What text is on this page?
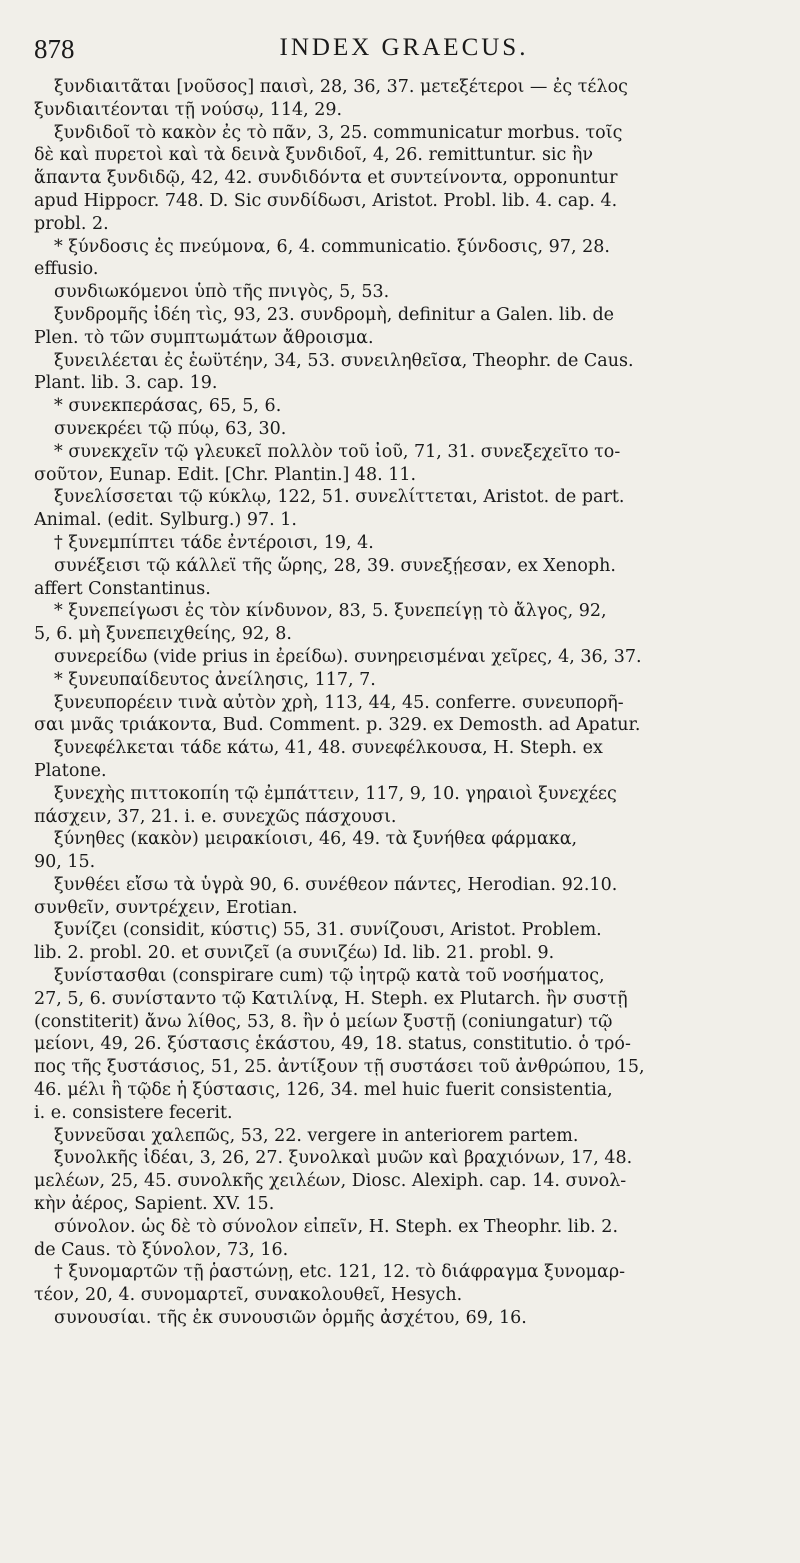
878	INDEX GRAECUS.
ξυνδιαιτᾶται [νοῦσος] παισὶ, 28, 36, 37. μετεξέτεροι — ἐς τέλος
ξυνδιαιτέονται τῇ νούσῳ, 114, 29.
ξυνδιδοῖ τὸ κακὸν ἐς τὸ πᾶν, 3, 25. communicatur morbus. τοῖς
δὲ καὶ πυρετοὶ καὶ τὰ δεινὰ ξυνδιδοῖ, 4, 26. remittuntur. sic ἢν
ἅπαντα ξυνδιδῷ, 42, 42. συνδιδόντα et συντείνοντα, opponuntur
apud Hippocr. 748. D. Sic συνδίδωσι, Aristot. Probl. lib. 4. cap. 4.
probl. 2.
* ξύνδοσις ἐς πνεύμονα, 6, 4. communicatio. ξύνδοσις, 97, 28.
effusio.
συνδιωκόμενοι ὑπὸ τῆς πνιγὸς, 5, 53.
ξυνδρομῆς ἰδέη τὶς, 93, 23. συνδρομὴ, definitur a Galen. lib. de
Plen. τὸ τῶν συμπτωμάτων ἄθροισμα.
ξυνειλέεται ἐς ἑωϋτέην, 34, 53. συνειληθεῖσα, Theophr. de Caus.
Plant. lib. 3. cap. 19.
* συνεκπεράσας, 65, 5, 6.
συνεκρέει τῷ πύῳ, 63, 30.
* συνεκχεῖν τῷ γλευκεῖ πολλὸν τοῦ ἰοῦ, 71, 31. συνεξεχεῖτο το-
σοῦτον, Eunap. Edit. [Chr. Plantin.] 48. 11.
ξυνελίσσεται τῷ κύκλῳ, 122, 51. συνελίττεται, Aristot. de part.
Animal. (edit. Sylburg.) 97. 1.
† ξυνεμπίπτει τάδε ἐντέροισι, 19, 4.
συνέξεισι τῷ κάλλεϊ τῆς ὥρης, 28, 39. συνεξῄεσαν, ex Xenoph.
affert Constantinus.
* ξυνεπείγωσι ἐς τὸν κίνδυνον, 83, 5. ξυνεπείγῃ τὸ ἄλγος, 92,
5, 6. μὴ ξυνεπειχθείης, 92, 8.
συνερείδω (vide prius in ἐρείδω). συνηρεισμέναι χεῖρες, 4, 36, 37.
* ξυνευπαίδευτος ἀνείλησις, 117, 7.
ξυνευπορέειν τινὰ αὐτὸν χρὴ, 113, 44, 45. conferre. συνευπορῆ-
σαι μνᾶς τριάκοντα, Bud. Comment. p. 329. ex Demosth. ad Apatur.
ξυνεφέλκεται τάδε κάτω, 41, 48. συνεφέλκουσα, H. Steph. ex
Platone.
ξυνεχὴς πιττοκοπίη τῷ ἐμπάττειν, 117, 9, 10. γηραιοὶ ξυνεχέες
πάσχειν, 37, 21. i. e. συνεχῶς πάσχουσι.
ξύνηθες (κακὸν) μειρακίοισι, 46, 49. τὰ ξυνήθεα φάρμακα,
90, 15.
ξυνθέει εἴσω τὰ ὑγρὰ 90, 6. συνέθεον πάντες, Herodian. 92.10.
συνθεῖν, συντρέχειν, Erotian.
ξυνίζει (considit, κύστις) 55, 31. συνίζουσι, Aristot. Problem.
lib. 2. probl. 20. et συνιζεῖ (a συνιζέω) Id. lib. 21. probl. 9.
ξυνίστασθαι (conspirare cum) τῷ ἰητρῷ κατὰ τοῦ νοσήματος,
27, 5, 6. συνίσταντο τῷ Κατιλίνᾳ, H. Steph. ex Plutarch. ἢν συστῇ
(constiterit) ἄνω λίθος, 53, 8. ἢν ὁ μείων ξυστῇ (coniungatur) τῷ
μείονι, 49, 26. ξύστασις ἑκάστου, 49, 18. status, constitutio. ὁ τρό-
πος τῆς ξυστάσιος, 51, 25. ἀντίξουν τῇ συστάσει τοῦ ἀνθρώπου, 15,
46. μέλι ἢ τῷδε ἡ ξύστασις, 126, 34. mel huic fuerit consistentia,
i. e. consistere fecerit.
ξυννεῦσαι χαλεπῶς, 53, 22. vergere in anteriorem partem.
ξυνολκῆς ἰδέαι, 3, 26, 27. ξυνολκαὶ μυῶν καὶ βραχιόνων, 17, 48.
μελέων, 25, 45. συνολκῆς χειλέων, Diosc. Alexiph. cap. 14. συνολ-
κὴν ἀέρος, Sapient. XV. 15.
σύνολον. ὡς δὲ τὸ σύνολον εἰπεῖν, H. Steph. ex Theophr. lib. 2.
de Caus. τὸ ξύνολον, 73, 16.
† ξυνομαρτῶν τῇ ῥαστώνῃ, etc. 121, 12. τὸ διάφραγμα ξυνομαρ-
τέον, 20, 4. συνομαρτεῖ, συνακολουθεῖ, Hesych.
συνουσίαι. τῆς ἐκ συνουσιῶν ὁρμῆς ἀσχέτου, 69, 16.
